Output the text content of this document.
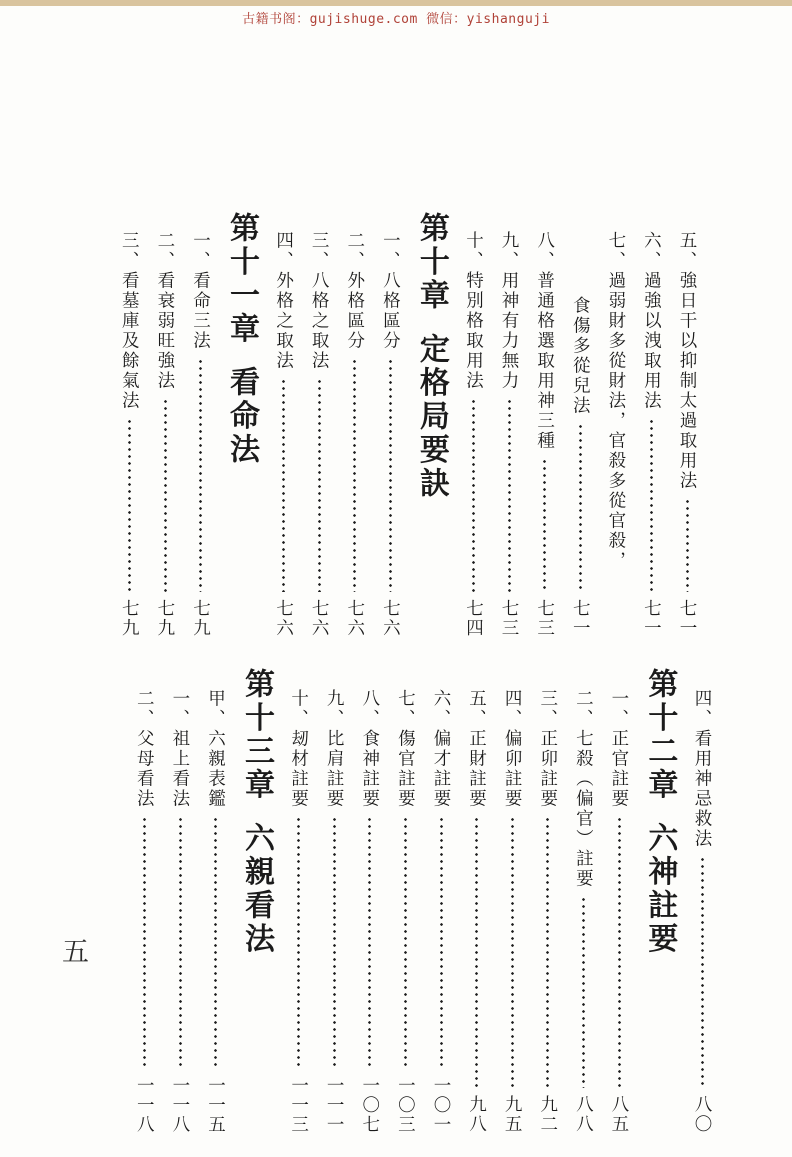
古籍书阁：gujishuge.com 微信：yishanguji
五、強日干以抑制太過取用法
七一
六、過強以洩取用法
七一
七、過弱財多從財法，官殺多從官殺，
食傷多從兒法
七一
八、普通格選取用神三種
七三
九、用神有力無力
七三
十、特別格取用法
七四
第十章
定格局要訣
一、八格區分
七六
二、外格區分
七六
三、八格之取法
七六
四、外格之取法
七六
第十一章
看命法
一、看命三法
七九
二、看衰弱旺強法
七九
三、看墓庫及餘氣法
七九
四、看用神忌救法
八〇
第十二章
六神註要
一、正官註要
八五
二、七殺（偏官）註要
八八
三、正卯註要
九二
四、偏卯註要
九五
五、正財註要
九八
六、偏才註要
一〇一
七、傷官註要
一〇三
八、食神註要
一〇七
九、比肩註要
一一一
十、刼材註要
一一三
第十三章
六親看法
甲、六親表鑑
一一五
一、祖上看法
一一八
二、父母看法
一一八
五
